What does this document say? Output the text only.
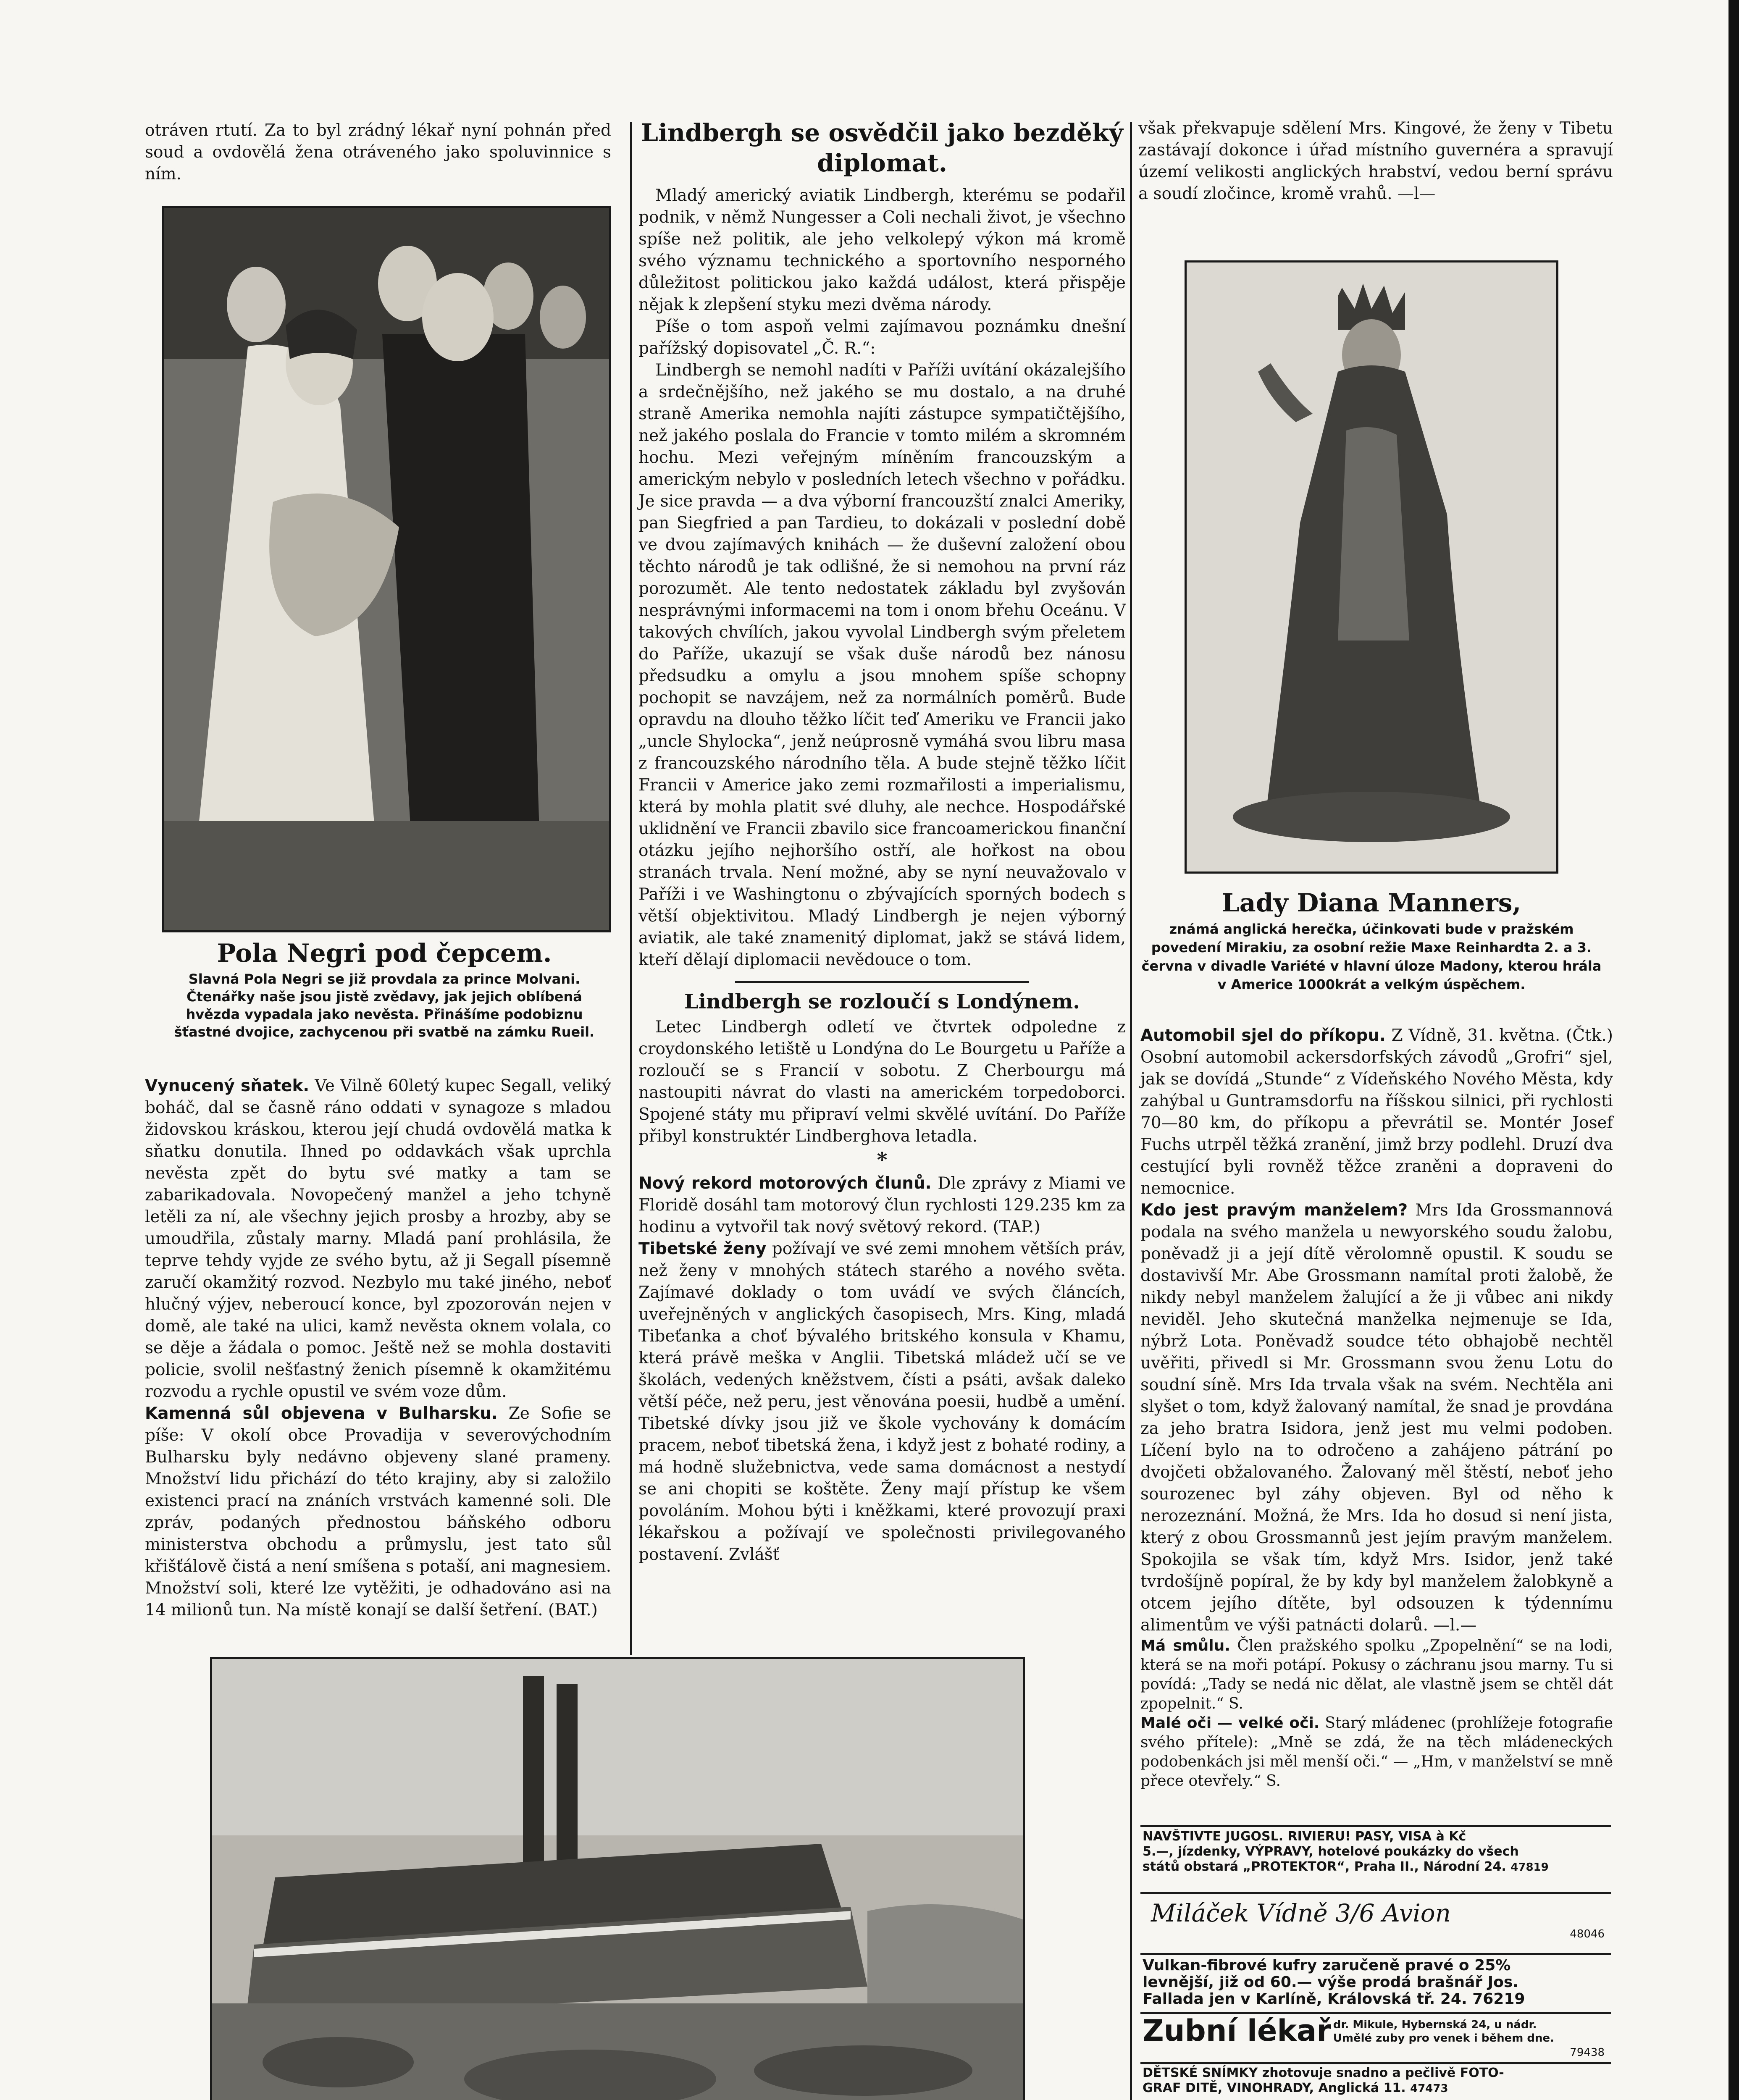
otráven rtutí. Za to byl zrádný lékař nyní pohnán před soud a ovdovělá žena otráveného jako spoluvinnice s ním.

Pola Negri pod čepcem.

Slavná Pola Negri se již provdala za prince Molvani. Čtenářky naše jsou jistě zvědavy, jak jejich oblíbená hvězda vypadala jako nevěsta. Přinášíme podobiznu šťastné dvojice, zachycenou při svatbě na zámku Rueil.

Vynucený sňatek. Ve Vilně 60letý kupec Segall, veliký boháč, dal se časně ráno oddati v synagoze s mladou židovskou kráskou, kterou její chudá ovdovělá matka k sňatku donutila. Ihned po oddavkách však uprchla nevěsta zpět do bytu své matky a tam se zabarikadovala. Novopečený manžel a jeho tchyně letěli za ní, ale všechny jejich prosby a hrozby, aby se umoudřila, zůstaly marny. Mladá paní prohlásila, že teprve tehdy vyjde ze svého bytu, až ji Segall písemně zaručí okamžitý rozvod. Nezbylo mu také jiného, neboť hlučný výjev, neberoucí konce, byl zpozorován nejen v domě, ale také na ulici, kamž nevěsta oknem volala, co se děje a žádala o pomoc. Ještě než se mohla dostaviti policie, svolil nešťastný ženich písemně k okamžitému rozvodu a rychle opustil ve svém voze dům.

Kamenná sůl objevena v Bulharsku. Ze Sofie se píše: V okolí obce Provadija v severovýchodním Bulharsku byly nedávno objeveny slané prameny. Množství lidu přichází do této krajiny, aby si založilo existenci prací na znáních vrstvách kamenné soli. Dle zpráv, podaných přednostou báňského odboru ministerstva obchodu a průmyslu, jest tato sůl křišťálově čistá a není smíšena s potaší, ani magnesiem. Množství soli, které lze vytěžiti, je odhadováno asi na 14 milionů tun. Na místě konají se další šetření. (BAT.)

Lindbergh se osvědčil jako bezděký diplomat.

Mladý americký aviatik Lindbergh, kterému se podařil podnik, v němž Nungesser a Coli nechali život, je všechno spíše než politik, ale jeho velkolepý výkon má kromě svého významu technického a sportovního nesporného důležitost politickou jako každá událost, která přispěje nějak k zlepšení styku mezi dvěma národy.

Píše o tom aspoň velmi zajímavou poznámku dnešní pařížský dopisovatel „Č. R.“:

Lindbergh se nemohl nadíti v Paříži uvítání okázalejšího a srdečnějšího, než jakého se mu dostalo, a na druhé straně Amerika nemohla najíti zástupce sympatičtějšího, než jakého poslala do Francie v tomto milém a skromném hochu. Mezi veřejným míněním francouzským a americkým nebylo v posledních letech všechno v pořádku. Je sice pravda — a dva výborní francouzští znalci Ameriky, pan Siegfried a pan Tardieu, to dokázali v poslední době ve dvou zajímavých knihách — že duševní založení obou těchto národů je tak odlišné, že si nemohou na první ráz porozumět. Ale tento nedostatek základu byl zvyšován nesprávnými informacemi na tom i onom břehu Oceánu. V takových chvílích, jakou vyvolal Lindbergh svým přeletem do Paříže, ukazují se však duše národů bez nánosu předsudku a omylu a jsou mnohem spíše schopny pochopit se navzájem, než za normálních poměrů. Bude opravdu na dlouho těžko líčit teď Ameriku ve Francii jako „uncle Shylocka“, jenž neúprosně vymáhá svou libru masa z francouzského národního těla. A bude stejně těžko líčit Francii v Americe jako zemi rozmařilosti a imperialismu, která by mohla platit své dluhy, ale nechce. Hospodářské uklidnění ve Francii zbavilo sice francoamerickou finanční otázku jejího nejhoršího ostří, ale hořkost na obou stranách trvala. Není možné, aby se nyní neuvažovalo v Paříži i ve Washingtonu o zbývajících sporných bodech s větší objektivitou. Mladý Lindbergh je nejen výborný aviatik, ale také znamenitý diplomat, jakž se stává lidem, kteří dělají diplomacii nevědouce o tom.

Lindbergh se rozloučí s Londýnem.

Letec Lindbergh odletí ve čtvrtek odpoledne z croydonského letiště u Londýna do Le Bourgetu u Paříže a rozloučí se s Francií v sobotu. Z Cherbourgu má nastoupiti návrat do vlasti na americkém torpedoborci. Spojené státy mu připraví velmi skvělé uvítání. Do Paříže přibyl konstruktér Lindberghova letadla.

*

Nový rekord motorových člunů. Dle zprávy z Miami ve Floridě dosáhl tam motorový člun rychlosti 129.235 km za hodinu a vytvořil tak nový světový rekord. (TAP.)

Tibetské ženy požívají ve své zemi mnohem větších práv, než ženy v mnohých státech starého a nového světa. Zajímavé doklady o tom uvádí ve svých článcích, uveřejněných v anglických časopisech, Mrs. King, mladá Tibeťanka a choť bývalého britského konsula v Khamu, která právě meška v Anglii. Tibetská mládež učí se ve školách, vedených kněžstvem, čísti a psáti, avšak daleko větší péče, než peru, jest věnována poesii, hudbě a umění. Tibetské dívky jsou již ve škole vychovány k domácím pracem, neboť tibetská žena, i když jest z bohaté rodiny, a má hodně služebnictva, vede sama domácnost a nestydí se ani chopiti se koštěte. Ženy mají přístup ke všem povoláním. Mohou býti i kněžkami, které provozují praxi lékařskou a požívají ve společnosti privilegovaného postavení. Zvlášť

však překvapuje sdělení Mrs. Kingové, že ženy v Tibetu zastávají dokonce i úřad místního guvernéra a spravují území velikosti anglických hrabství, vedou berní správu a soudí zločince, kromě vrahů. —l—

Lady Diana Manners,

známá anglická herečka, účinkovati bude v pražském povedení Mirakiu, za osobní režie Maxe Reinhardta 2. a 3. června v divadle Variété v hlavní úloze Madony, kterou hrála v Americe 1000krát a velkým úspěchem.

Automobil sjel do příkopu. Z Vídně, 31. května. (Čtk.) Osobní automobil ackersdorfských závodů „Grofri“ sjel, jak se dovídá „Stunde“ z Vídeňského Nového Města, kdy zahýbal u Guntramsdorfu na říšskou silnici, při rychlosti 70—80 km, do příkopu a převrátil se. Montér Josef Fuchs utrpěl těžká zranění, jimž brzy podlehl. Druzí dva cestující byli rovněž těžce zraněni a dopraveni do nemocnice.

Kdo jest pravým manželem? Mrs Ida Grossmannová podala na svého manžela u newyorského soudu žalobu, poněvadž ji a její dítě věrolomně opustil. K soudu se dostavivší Mr. Abe Grossmann namítal proti žalobě, že nikdy nebyl manželem žalující a že ji vůbec ani nikdy neviděl. Jeho skutečná manželka nejmenuje se Ida, nýbrž Lota. Poněvadž soudce této obhajobě nechtěl uvěřiti, přivedl si Mr. Grossmann svou ženu Lotu do soudní síně. Mrs Ida trvala však na svém. Nechtěla ani slyšet o tom, když žalovaný namítal, že snad je provdána za jeho bratra Isidora, jenž jest mu velmi podoben. Líčení bylo na to odročeno a zahájeno pátrání po dvojčeti obžalovaného. Žalovaný měl štěstí, neboť jeho sourozenec byl záhy objeven. Byl od něho k nerozeznání. Možná, že Mrs. Ida ho dosud si není jista, který z obou Grossmannů jest jejím pravým manželem. Spokojila se však tím, když Mrs. Isidor, jenž také tvrdošíjně popíral, že by kdy byl manželem žalobkyně a otcem jejího dítěte, byl odsouzen k týdennímu alimentům ve výši patnácti dolarů. —l.—

Má smůlu. Člen pražského spolku „Zpopelnění“ se na lodi, která se na moři potápí. Pokusy o záchranu jsou marny. Tu si povídá: „Tady se nedá nic dělat, ale vlastně jsem se chtěl dát zpopelnit.“ S.

Malé oči — velké oči. Starý mládenec (prohlížeje fotografie svého přítele): „Mně se zdá, že na těch mládeneckých podobenkách jsi měl menší oči.“ — „Hm, v manželství se mně přece otevřely.“ S.

NAVŠTIVTE JUGOSL. RIVIERU! PASY, VISA à Kč
5.—, jízdenky, VÝPRAVY, hotelové poukázky do všech
států obstará „PROTEKTOR“, Praha II., Národní 24. 47819
Miláček Vídně 3/6 Avion
48046
Vulkan-fibrové kufry zaručeně pravé o 25%
levnější, již od 60.— výše prodá brašnář Jos.
Fallada jen v Karlíně, Královská tř. 24. 76219
Zubní lékař dr. Mikule, Hybernská 24, u nádr.
Umělé zuby pro venek i během dne.
79438
DĚTSKÉ SNÍMKY zhotovuje snadno a pečlivě FOTO-
GRAF DITĚ, VINOHRADY, Anglická 11. 47473
